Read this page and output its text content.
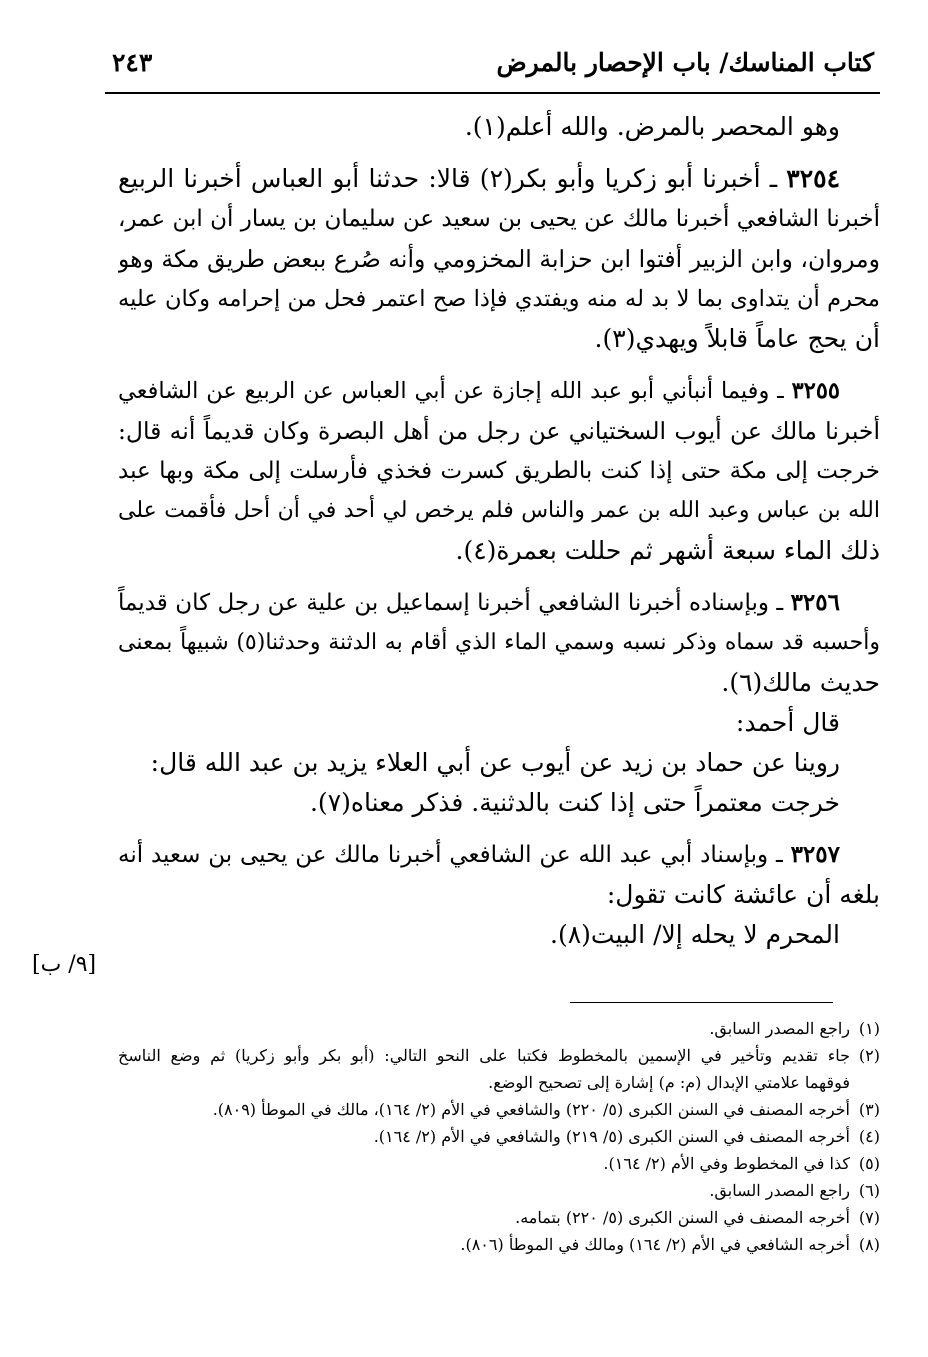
كتاب المناسك/ باب الإحصار بالمرض
٢٤٣
وهو المحصر بالمرض. والله أعلم(١).
٣٢٥٤ ـ أخبرنا أبو زكريا وأبو بكر(٢) قالا: حدثنا أبو العباس أخبرنا الربيع
أخبرنا الشافعي أخبرنا مالك عن يحيى بن سعيد عن سليمان بن يسار أن ابن عمر،
ومروان، وابن الزبير أفتوا ابن حزابة المخزومي وأنه صُرع ببعض طريق مكة وهو
محرم أن يتداوى بما لا بد له منه ويفتدي فإذا صح اعتمر فحل من إحرامه وكان عليه
أن يحج عاماً قابلاً ويهدي(٣).
٣٢٥٥ ـ وفيما أنبأني أبو عبد الله إجازة عن أبي العباس عن الربيع عن الشافعي
أخبرنا مالك عن أيوب السختياني عن رجل من أهل البصرة وكان قديماً أنه قال:
خرجت إلى مكة حتى إذا كنت بالطريق كسرت فخذي فأرسلت إلى مكة وبها عبد
الله بن عباس وعبد الله بن عمر والناس فلم يرخص لي أحد في أن أحل فأقمت على
ذلك الماء سبعة أشهر ثم حللت بعمرة(٤).
٣٢٥٦ ـ وبإسناده أخبرنا الشافعي أخبرنا إسماعيل بن علية عن رجل كان قديماً
وأحسبه قد سماه وذكر نسبه وسمي الماء الذي أقام به الدثنة وحدثنا(٥) شبيهاً بمعنى
حديث مالك(٦).
قال أحمد:
روينا عن حماد بن زيد عن أيوب عن أبي العلاء يزيد بن عبد الله قال:
خرجت معتمراً حتى إذا كنت بالدثنية. فذكر معناه(٧).
٣٢٥٧ ـ وبإسناد أبي عبد الله عن الشافعي أخبرنا مالك عن يحيى بن سعيد أنه
بلغه أن عائشة كانت تقول:
المحرم لا يحله إلا/ البيت(٨).
[٩/ ب]
(١)راجع المصدر السابق.
(٢)جاء تقديم وتأخير في الإسمين بالمخطوط فكتبا على النحو التالي: (أبو بكر وأبو زكريا) ثم وضع الناسخ
فوقهما علامتي الإبدال (م: م) إشارة إلى تصحيح الوضع.
(٣)أخرجه المصنف في السنن الكبرى (٥/ ٢٢٠) والشافعي في الأم (٢/ ١٦٤)، مالك في الموطأ (٨٠٩).
(٤)أخرجه المصنف في السنن الكبرى (٥/ ٢١٩) والشافعي في الأم (٢/ ١٦٤).
(٥)كذا في المخطوط وفي الأم (٢/ ١٦٤).
(٦)راجع المصدر السابق.
(٧)أخرجه المصنف في السنن الكبرى (٥/ ٢٢٠) بتمامه.
(٨)أخرجه الشافعي في الأم (٢/ ١٦٤) ومالك في الموطأ (٨٠٦).
